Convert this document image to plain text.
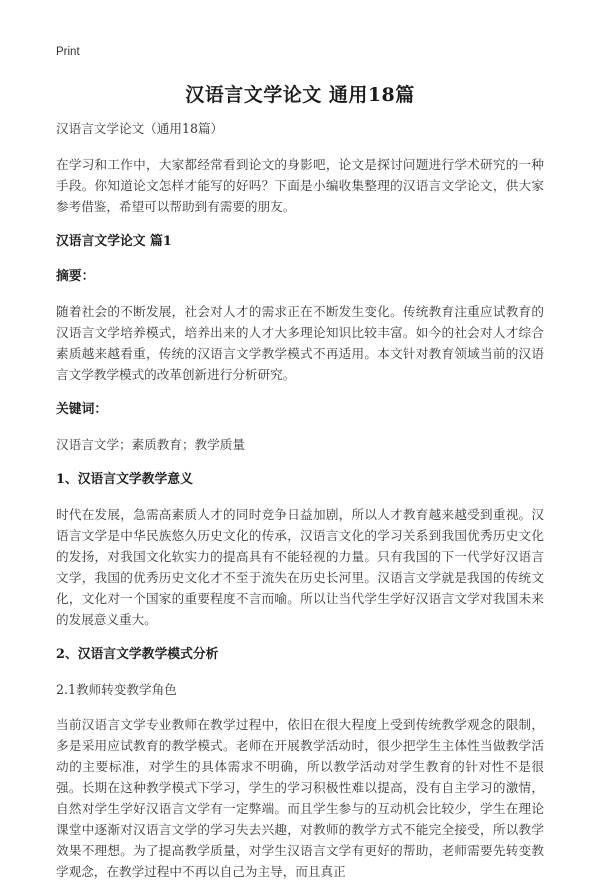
Print
汉语言文学论文 通用18篇

汉语言文学论文（通用18篇）

在学习和工作中，大家都经常看到论文的身影吧，论文是探讨问题进行学术研究的一种手段。你知道论文怎样才能写的好吗？下面是小编收集整理的汉语言文学论文，供大家参考借鉴，希望可以帮助到有需要的朋友。

汉语言文学论文 篇1

摘要：

随着社会的不断发展，社会对人才的需求正在不断发生变化。传统教育注重应试教育的汉语言文学培养模式，培养出来的人才大多理论知识比较丰富。如今的社会对人才综合素质越来越看重，传统的汉语言文学教学模式不再适用。本文针对教育领域当前的汉语言文学教学模式的改革创新进行分析研究。

关键词：

汉语言文学；素质教育；教学质量

1、汉语言文学教学意义

时代在发展，急需高素质人才的同时竞争日益加剧，所以人才教育越来越受到重视。汉语言文学是中华民族悠久历史文化的传承，汉语言文化的学习关系到我国优秀历史文化的发扬，对我国文化软实力的提高具有不能轻视的力量。只有我国的下一代学好汉语言文学，我国的优秀历史文化才不至于流失在历史长河里。汉语言文学就是我国的传统文化，文化对一个国家的重要程度不言而喻。所以让当代学生学好汉语言文学对我国未来的发展意义重大。

2、汉语言文学教学模式分析

2.1教师转变教学角色

当前汉语言文学专业教师在教学过程中，依旧在很大程度上受到传统教学观念的限制，多是采用应试教育的教学模式。老师在开展教学活动时，很少把学生主体性当做教学活动的主要标准，对学生的具体需求不明确，所以教学活动对学生教育的针对性不是很强。长期在这种教学模式下学习，学生的学习积极性难以提高，没有自主学习的激情，自然对学生学好汉语言文学有一定弊端。而且学生参与的互动机会比较少，学生在理论课堂中逐渐对汉语言文学的学习失去兴趣，对教师的教学方式不能完全接受，所以教学效果不理想。为了提高教学质量，对学生汉语言文学有更好的帮助，老师需要先转变教学观念，在教学过程中不再以自己为主导，而且真正
